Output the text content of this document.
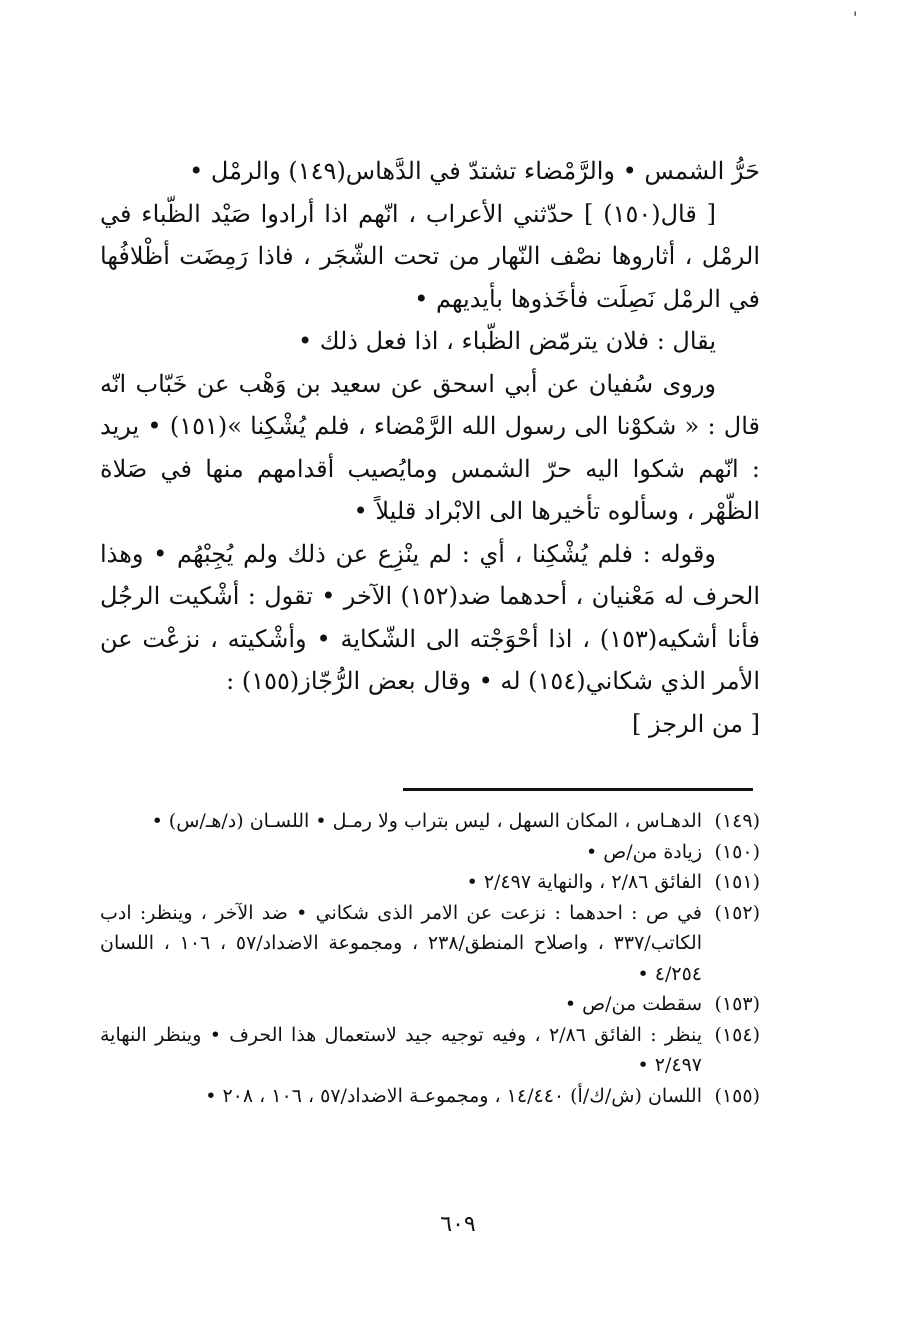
'

حَرُّ الشمس • والرَّمْضاء تشتدّ في الدَّهاس(١٤٩) والرمْل •

[ قال(١٥٠) ] حدّثني الأعراب ، انّهم اذا أرادوا صَيْد الظّباء في الرمْل ، أثاروها نصْف النّهار من تحت الشّجَر ، فاذا رَمِضَت أظْلافُها في الرمْل نَصِلَت فأخَذوها بأيديهم •

يقال : فلان يترمّض الظّباء ، اذا فعل ذلك •

وروى سُفيان عن أبي اسحق عن سعيد بن وَهْب عن خَبّاب انّه قال : « شكوْنا الى رسول الله الرَّمْضاء ، فلم يُشْكِنا »(١٥١) • يريد : انّهم شكوا اليه حرّ الشمس ومايُصيب أقدامهم منها في صَلاة الظّهْر ، وسألوه تأخيرها الى الابْراد قليلاً •

وقوله : فلم يُشْكِنا ، أي : لم ينْزِع عن ذلك ولم يُجِبْهُم • وهذا الحرف له مَعْنيان ، أحدهما ضد(١٥٢) الآخر • تقول : أشْكيت الرجُل فأنا أشكيه(١٥٣) ، اذا أحْوَجْته الى الشّكاية • وأشْكيته ، نزعْت عن الأمر الذي شكاني(١٥٤) له • وقال بعض الرُّجّاز(١٥٥) :

[ من الرجز ]

(١٤٩)
الدهـاس ، المكان السهل ، ليس بتراب ولا رمـل • اللسـان (د/هـ/س) •
(١٥٠)
زيادة من/ص •
(١٥١)
الفائق ٢/٨٦ ، والنهاية ٢/٤٩٧ •
(١٥٢)
في ص : احدهما : نزعت عن الامر الذى شكاني • ضد الآخر ، وينظر: ادب الكاتب/٣٣٧ ، واصلاح المنطق/٢٣٨ ، ومجموعة الاضداد/٥٧ ، ١٠٦ ، اللسان ٤/٢٥٤ •
(١٥٣)
سقطت من/ص •
(١٥٤)
ينظر : الفائق ٢/٨٦ ، وفيه توجيه جيد لاستعمال هذا الحرف • وينظر النهاية ٢/٤٩٧ •
(١٥٥)
اللسان (ش/ك/أ) ١٤/٤٤٠ ، ومجموعـة الاضداد/٥٧ ، ١٠٦ ، ٢٠٨ •
٦٠٩
